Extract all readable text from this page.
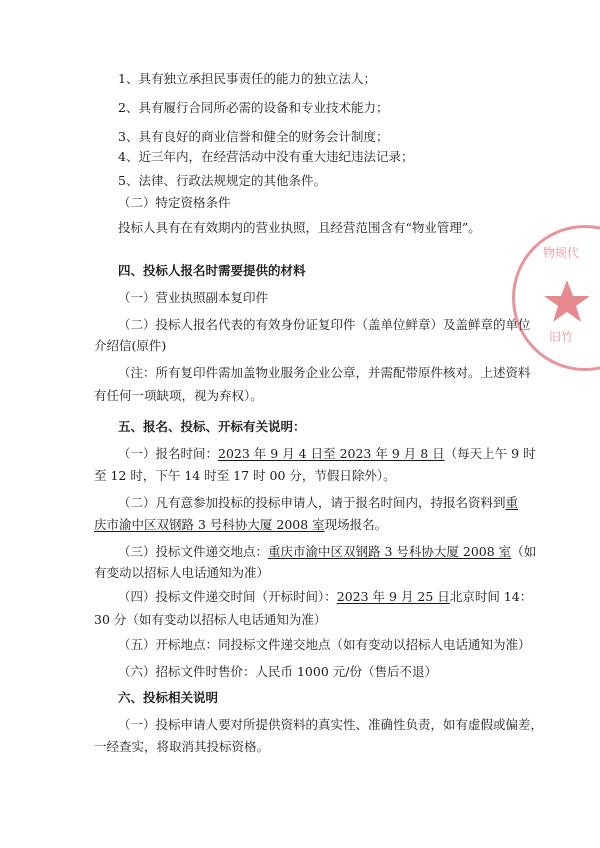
1、具有独立承担民事责任的能力的独立法人；
2、具有履行合同所必需的设备和专业技术能力；
3、具有良好的商业信誉和健全的财务会计制度；
4、近三年内，在经营活动中没有重大违纪违法记录；
5、法律、行政法规规定的其他条件。
（二）特定资格条件
投标人具有在有效期内的营业执照，且经营范围含有“物业管理”。
四、投标人报名时需要提供的材料
（一）营业执照副本复印件
（二）投标人报名代表的有效身份证复印件（盖单位鲜章）及盖鲜章的单位
介绍信(原件)
（注：所有复印件需加盖物业服务企业公章，并需配带原件核对。上述资料
有任何一项缺项，视为弃权）。
五、报名、投标、开标有关说明：
（一）报名时间：2023 年 9 月 4 日至 2023 年 9 月 8 日（每天上午 9 时
至 12 时，下午 14 时至 17 时 00 分，节假日除外）。
（二）凡有意参加投标的投标申请人，请于报名时间内，持报名资料到重
庆市渝中区双钢路 3 号科协大厦 2008 室现场报名。
（三）投标文件递交地点：重庆市渝中区双钢路 3 号科协大厦 2008 室（如
有变动以招标人电话通知为准）
（四）投标文件递交时间（开标时间）：2023 年 9 月 25 日北京时间 14：
30 分（如有变动以招标人电话通知为准）
（五）开标地点：同投标文件递交地点（如有变动以招标人电话通知为准）
（六）招标文件时售价：人民币 1000 元/份（售后不退）
六、投标相关说明
（一）投标申请人要对所提供资料的真实性、准确性负责，如有虚假或偏差，
一经查实，将取消其投标资格。
物规代
旧竹
